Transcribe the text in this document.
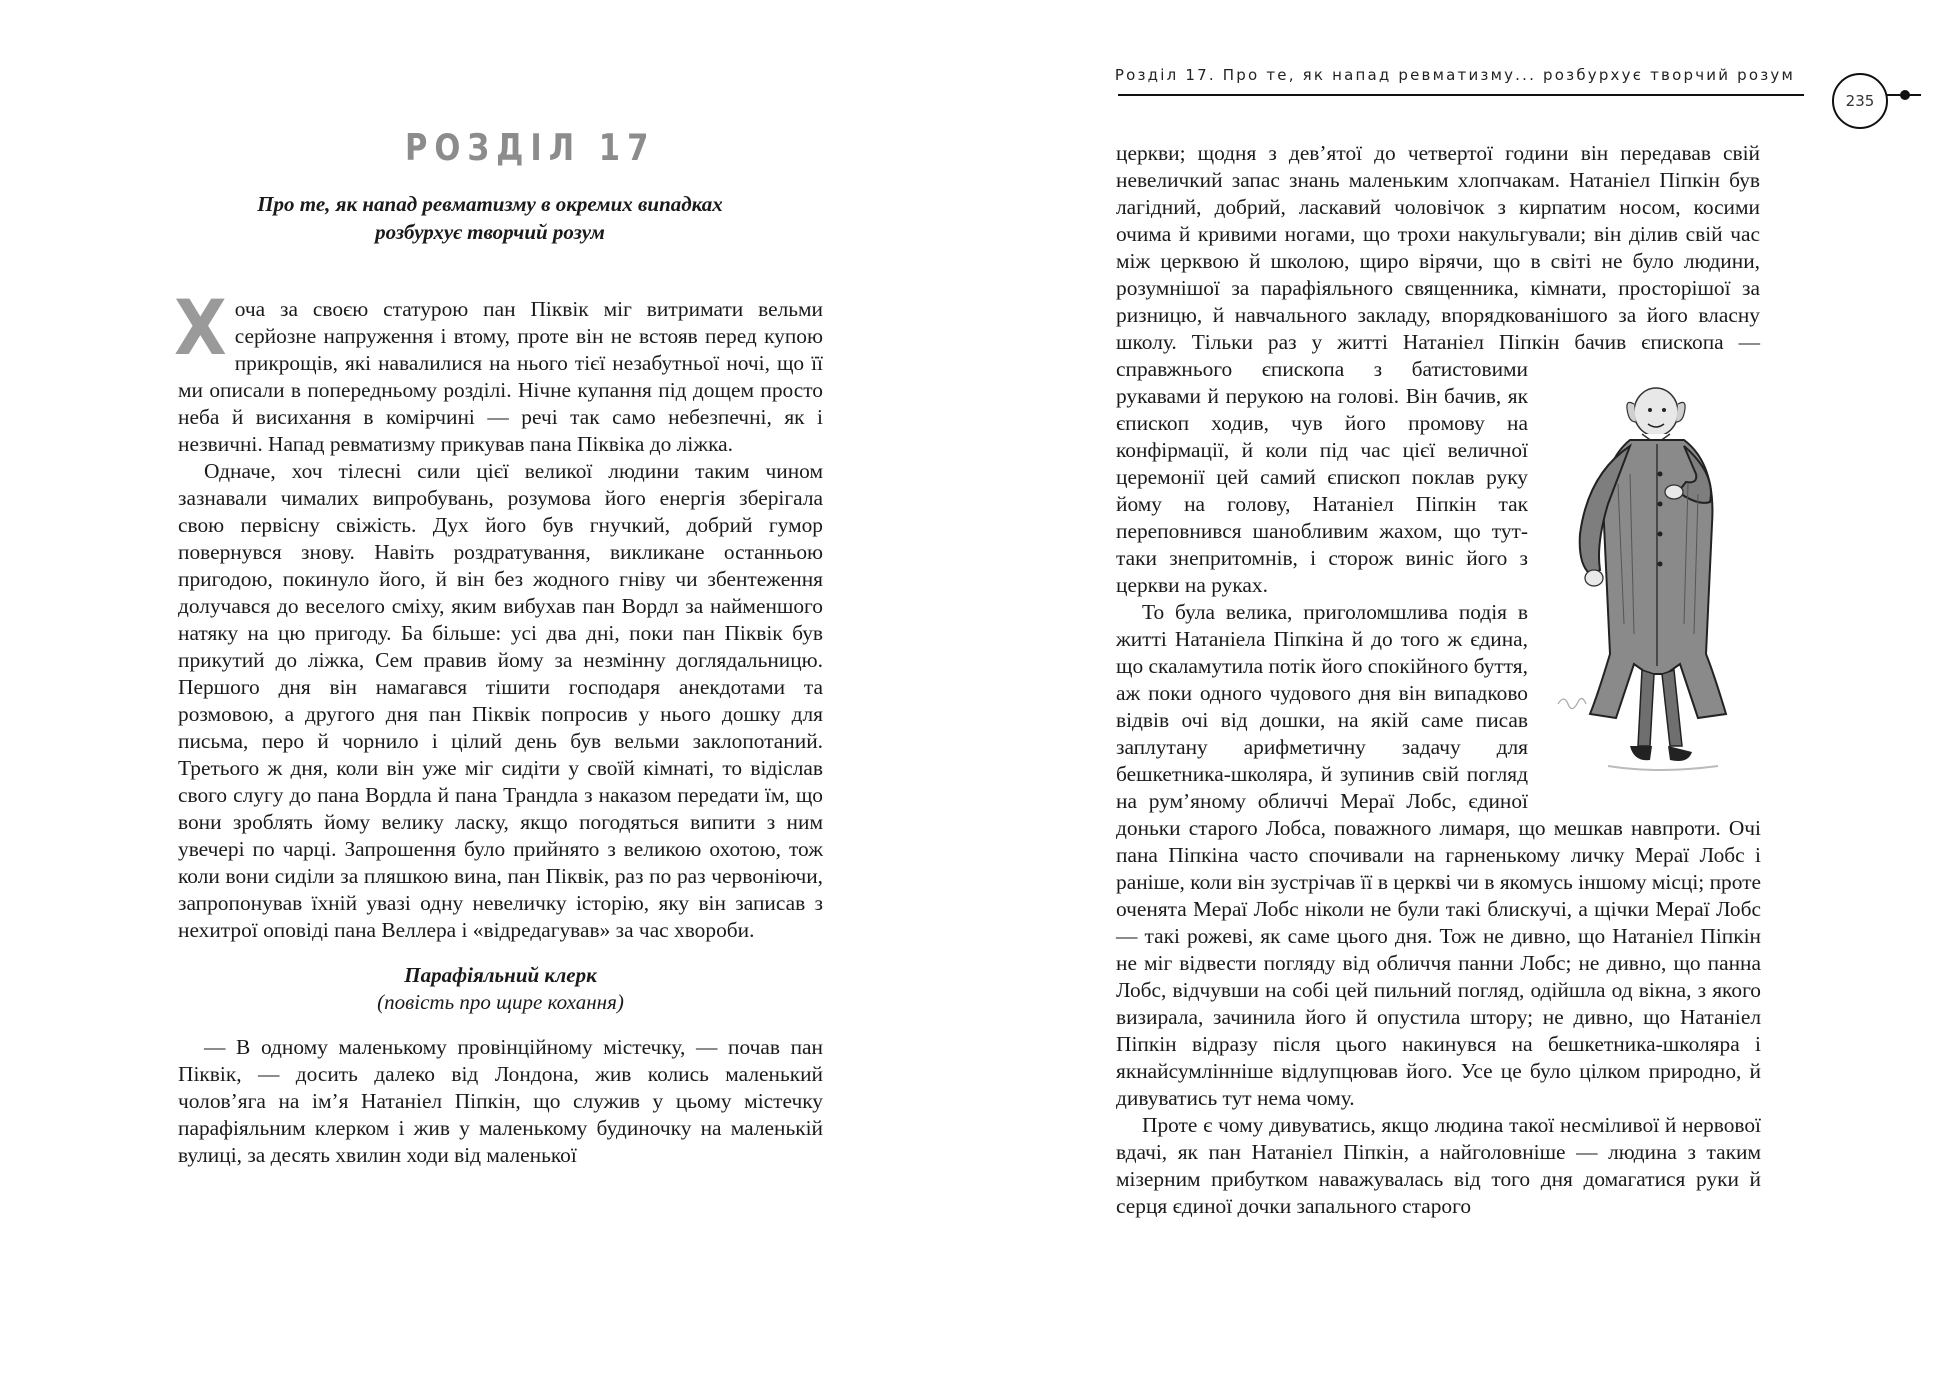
РОЗДІЛ 17
Про те, як напад ревматизму в окремих випадках
розбурхує творчий розум

Хоча за своєю статурою пан Піквік міг витримати вельми серйозне напруження і втому, проте він не встояв перед купою прикрощів, які навалилися на нього тієї незабутньої ночі, що її ми описали в попередньому розділі. Нічне купання під дощем просто неба й висихання в комірчині — речі так само небезпечні, як і незвичні. Напад ревматизму прикував пана Піквіка до ліжка.

Одначе, хоч тілесні сили цієї великої людини таким чином зазнавали чималих випробувань, розумова його енергія зберігала свою первісну свіжість. Дух його був гнучкий, добрий гумор повернувся знову. Навіть роздратування, викликане останньою пригодою, покинуло його, й він без жодного гніву чи збентеження долучався до веселого сміху, яким вибухав пан Вордл за найменшого натяку на цю пригоду. Ба більше: усі два дні, поки пан Піквік був прикутий до ліжка, Сем правив йому за незмінну доглядальницю. Першого дня він намагався тішити господаря анекдотами та розмовою, а другого дня пан Піквік попросив у нього дошку для письма, перо й чорнило і цілий день був вельми заклопотаний. Третього ж дня, коли він уже міг сидіти у своїй кімнаті, то відіслав свого слугу до пана Вордла й пана Трандла з наказом передати їм, що вони зроблять йому велику ласку, якщо погодяться випити з ним увечері по чарці. Запрошення було прийнято з великою охотою, тож коли вони сиділи за пляшкою вина, пан Піквік, раз по раз червоніючи, запропонував їхній увазі одну невеличку історію, яку він записав з нехитрої оповіді пана Веллера і «відредагував» за час хвороби.

Парафіяльний клерк
(повість про щире кохання)

— В одному маленькому провінційному містечку, — почав пан Піквік, — досить далеко від Лондона, жив колись маленький чоловʼяга на імʼя Натаніел Піпкін, що служив у цьому містечку парафіяльним клерком і жив у маленькому будиночку на маленькій вулиці, за десять хвилин ходи від маленької

Розділ 17. Про те, як напад ревматизму... розбурхує творчий розум
235

церкви; щодня з девʼятої до четвертої години він передавав свій невеличкий запас знань маленьким хлопчакам. Натаніел Піпкін був лагідний, добрий, ласкавий чоловічок з кирпатим носом, косими очима й кривими ногами, що трохи накульгували; він ділив свій час між церквою й школою, щиро вірячи, що в світі не було людини, розумнішої за парафіяльного священника, кімнати, просторішої за ризницю, й навчального закладу, впорядкованішого за його власну школу. Тільки раз у житті Натаніел Піпкін бачив єпископа — справжнього єпископа з батистовими рукавами й перукою на голові. Він бачив, як єпископ ходив, чув його промову на конфірмації, й коли під час цієї величної церемонії цей самий єпископ поклав руку йому на голову, Натаніел Піпкін так переповнився шанобливим жахом, що тут-таки знепритомнів, і сторож виніс його з церкви на руках.

То була велика, приголомшлива подія в житті Натаніела Піпкіна й до того ж єдина, що скаламутила потік його спокійного буття, аж поки одного чудового дня він випадково відвів очі від дошки, на якій саме писав заплутану арифметичну задачу для бешкетника-школяра, й зупинив свій погляд на румʼяному обличчі Мераї Лобс, єдиної доньки старого Лобса, поважного лимаря, що мешкав навпроти. Очі пана Піпкіна часто спочивали на гарненькому личку Мераї Лобс і раніше, коли він зустрічав її в церкві чи в якомусь іншому місці; проте оченята Мераї Лобс ніколи не були такі блискучі, а щічки Мераї Лобс — такі рожеві, як саме цього дня. Тож не дивно, що Натаніел Піпкін не міг відвести погляду від обличчя панни Лобс; не дивно, що панна Лобс, відчувши на собі цей пильний погляд, одійшла од вікна, з якого визирала, зачинила його й опустила штору; не дивно, що Натаніел Піпкін відразу після цього накинувся на бешкетника-школяра і якнайсумлінніше відлупцював його. Усе це було цілком природно, й дивуватись тут нема чому.

Проте є чому дивуватись, якщо людина такої несміливої й нервової вдачі, як пан Натаніел Піпкін, а найголовніше — людина з таким мізерним прибутком наважувалась від того дня домагатися руки й серця єдиної дочки запального старого
